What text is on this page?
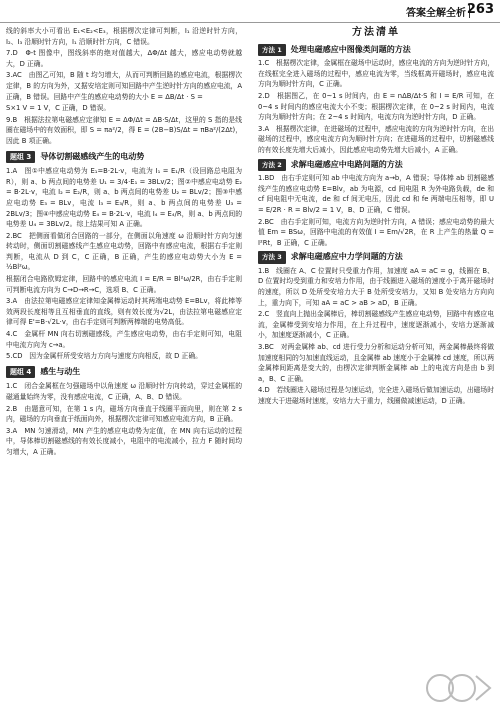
答案全解全析 263

线的斜率大小可看出 E₁<E₂<E₃，根据楞次定律可判断，I₁ 沿逆时针方向，I₂、I₃ 沿顺时针方向，I₁ 沿顺时针方向，C 错误。

7.D　Φ-t 图像中，图线斜率的绝对值越大，ΔΦ/Δt 越大，感应电动势就越大，D 正确。

3.AC　由图乙可知，B 随 t 均匀增大，从而可判断回路的感应电流，根据楞次定律，B 的方向为外，又据安培定则可知回路中产生逆时针方向的感应电流，A 正确，B 错误。回路中产生的感应电动势的大小 E = ΔB/Δt · S =

S×1 V = 1 V，C 正确，D 错误。

9.B　根据法拉第电磁感应定律知 E = ΔΦ/Δt = ΔB·S/Δt，这里的 S 指的是线圈在磁场中的有效面积，即 S = πa²/2，得 E = (2B−B)S/Δt = πBa²/(2Δt)，因此 B 项正确。

题组 3	导体切割磁感线产生的电动势

1.A　图①中感应电动势为 E₁=B·2L·v，电流为 I₁ = E₁/R（设回路总电阻为 R），则 a、b 两点间的电势差 U₁ = 3/4·E₁ = 3BLv/2；图②中感应电动势 E₂ = B·2L·v，电流 I₂ = E₂/R，则 a、b 两点间的电势差 U₂ = BLv/2；图③中感应电动势 E₃ = BLv，电流 I₃ = E₃/R，则 a、b 两点间的电势差 U₃ = 2BLv/3；图④中感应电动势 E₄ = B·2L·v，电流 I₄ = E₄/R，则 a、b 两点间的电势差 U₄ = 3BLv/2。综上结果可知 A 正确。

2.BC　把侧面看做闭合回路的一部分，在侧面以角速度 ω 沿顺时针方向匀速转动时，侧面切割磁感线产生感应电动势，回路中有感应电流，根据右手定则判断，电流从 D 到 C，C 正确，B 正确，产生的感应电动势大小为 E = ½Bl²ω。

根据闭合电路欧姆定律，回路中的感应电流 I = E/R = Bl²ω/2R，由右手定则可判断电流方向为 C→D→R→C，选项 B、C 正确。

3.A　由法拉第电磁感应定律知金属棒运动时其两端电动势 E=BLv，将此棒等效两段长度相等且互相垂直的直线，则有效长度为√2L，由法拉第电磁感应定律可得 E'=B·√2L·v，由右手定则可判断两棒端的电势高低。

4.C　金属杆 MN 向右切割磁感线，产生感应电动势，由右手定则可知，电阻中电流方向为 c→a。

5.CD　因为金属杆所受安培力方向与速度方向相反，故 D 正确。

题组 4	感生与动生

1.C　闭合金属框在匀强磁场中以角速度 ω 沿顺时针方向转动，穿过金属框的磁通量始终为零，没有感应电流，C 正确，A、B、D 错误。

2.B　由题意可知，在第 1 s 内，磁场方向垂直于线圈平面向里，则在第 2 s 内，磁场的方向垂直于纸面向外，根据楞次定律可知感应电流方向，B 正确。

3.A　MN 匀速滑动，MN 产生的感应电动势为定值，在 MN 向右运动的过程中，导体棒切割磁感线的有效长度减小，电阻中的电流减小，拉力 F 随时间均匀增大，A 正确。

方法清单
方法 1	处理电磁感应中图像类问题的方法

1.C　根据楞次定律，金属框在磁场中运动时，感应电流的方向为逆时针方向，在线框完全进入磁场的过程中，感应电流为零，当线框离开磁场时，感应电流方向为顺时针方向，C 正确。

2.D　根据图乙，在 0~1 s 时间内，由 E = nΔB/Δt·S 和 I = E/R 可知，在 0~4 s 时间内的感应电流大小不变；根据楞次定律，在 0~2 s 时间内，电流方向为顺时针方向；在 2~4 s 时间内，电流方向为逆时针方向，D 正确。

3.A　根据楞次定律，在进磁场的过程中，感应电流的方向为逆时针方向，在出磁场的过程中，感应电流方向为顺时针方向；在进磁场的过程中，切割磁感线的有效长度先增大后减小，因此感应电动势先增大后减小，A 正确。

方法 2	求解电磁感应中电路问题的方法

1.BD　由右手定则可知 ab 中电流方向为 a→b，A 错误；导体棒 ab 切割磁感线产生的感应电动势 E=Blv，ab 为电源，cd 间电阻 R 为外电路负载，de 和 cf 间电阻中无电流，de 和 cf 间无电压，因此 cd 和 fe 两端电压相等，即 U = E/2R · R = Blv/2 = 1 V，B、D 正确，C 错误。

2.BC　由右手定则可知，电流方向为逆时针方向，A 错误；感应电动势的最大值 Em = BSω，回路中电流的有效值 I = Em/√2R，在 R 上产生的热量 Q = I²Rt，B 正确，C 正确。

方法 3	求解电磁感应中力学问题的方法

1.B　线圈在 A、C 位置时只受重力作用，加速度 aA = aC = g，线圈在 B、D 位置时均受到重力和安培力作用，由于线圈进入磁场的速度小于离开磁场时的速度，所以 D 处所受安培力大于 B 处所受安培力，又知 B 处安培力方向向上，重力向下，可知 aA = aC > aB > aD，B 正确。

2.C　竖直向上抛出金属棒后，棒切割磁感线产生感应电动势，回路中有感应电流，金属棒受到安培力作用，在上升过程中，速度逐渐减小，安培力逐渐减小，加速度逐渐减小，C 正确。

3.BC　对两金属棒 ab、cd 进行受力分析和运动分析可知，两金属棒最终将做加速度相同的匀加速直线运动，且金属棒 ab 速度小于金属棒 cd 速度，所以两金属棒间距离是变大的，由楞次定律判断金属棒 ab 上的电流方向是由 b 到 a，B、C 正确。

4.D　若线圈进入磁场过程是匀速运动，完全进入磁场后做加速运动，出磁场时速度大于进磁场时速度，安培力大于重力，线圈做减速运动，D 正确。
